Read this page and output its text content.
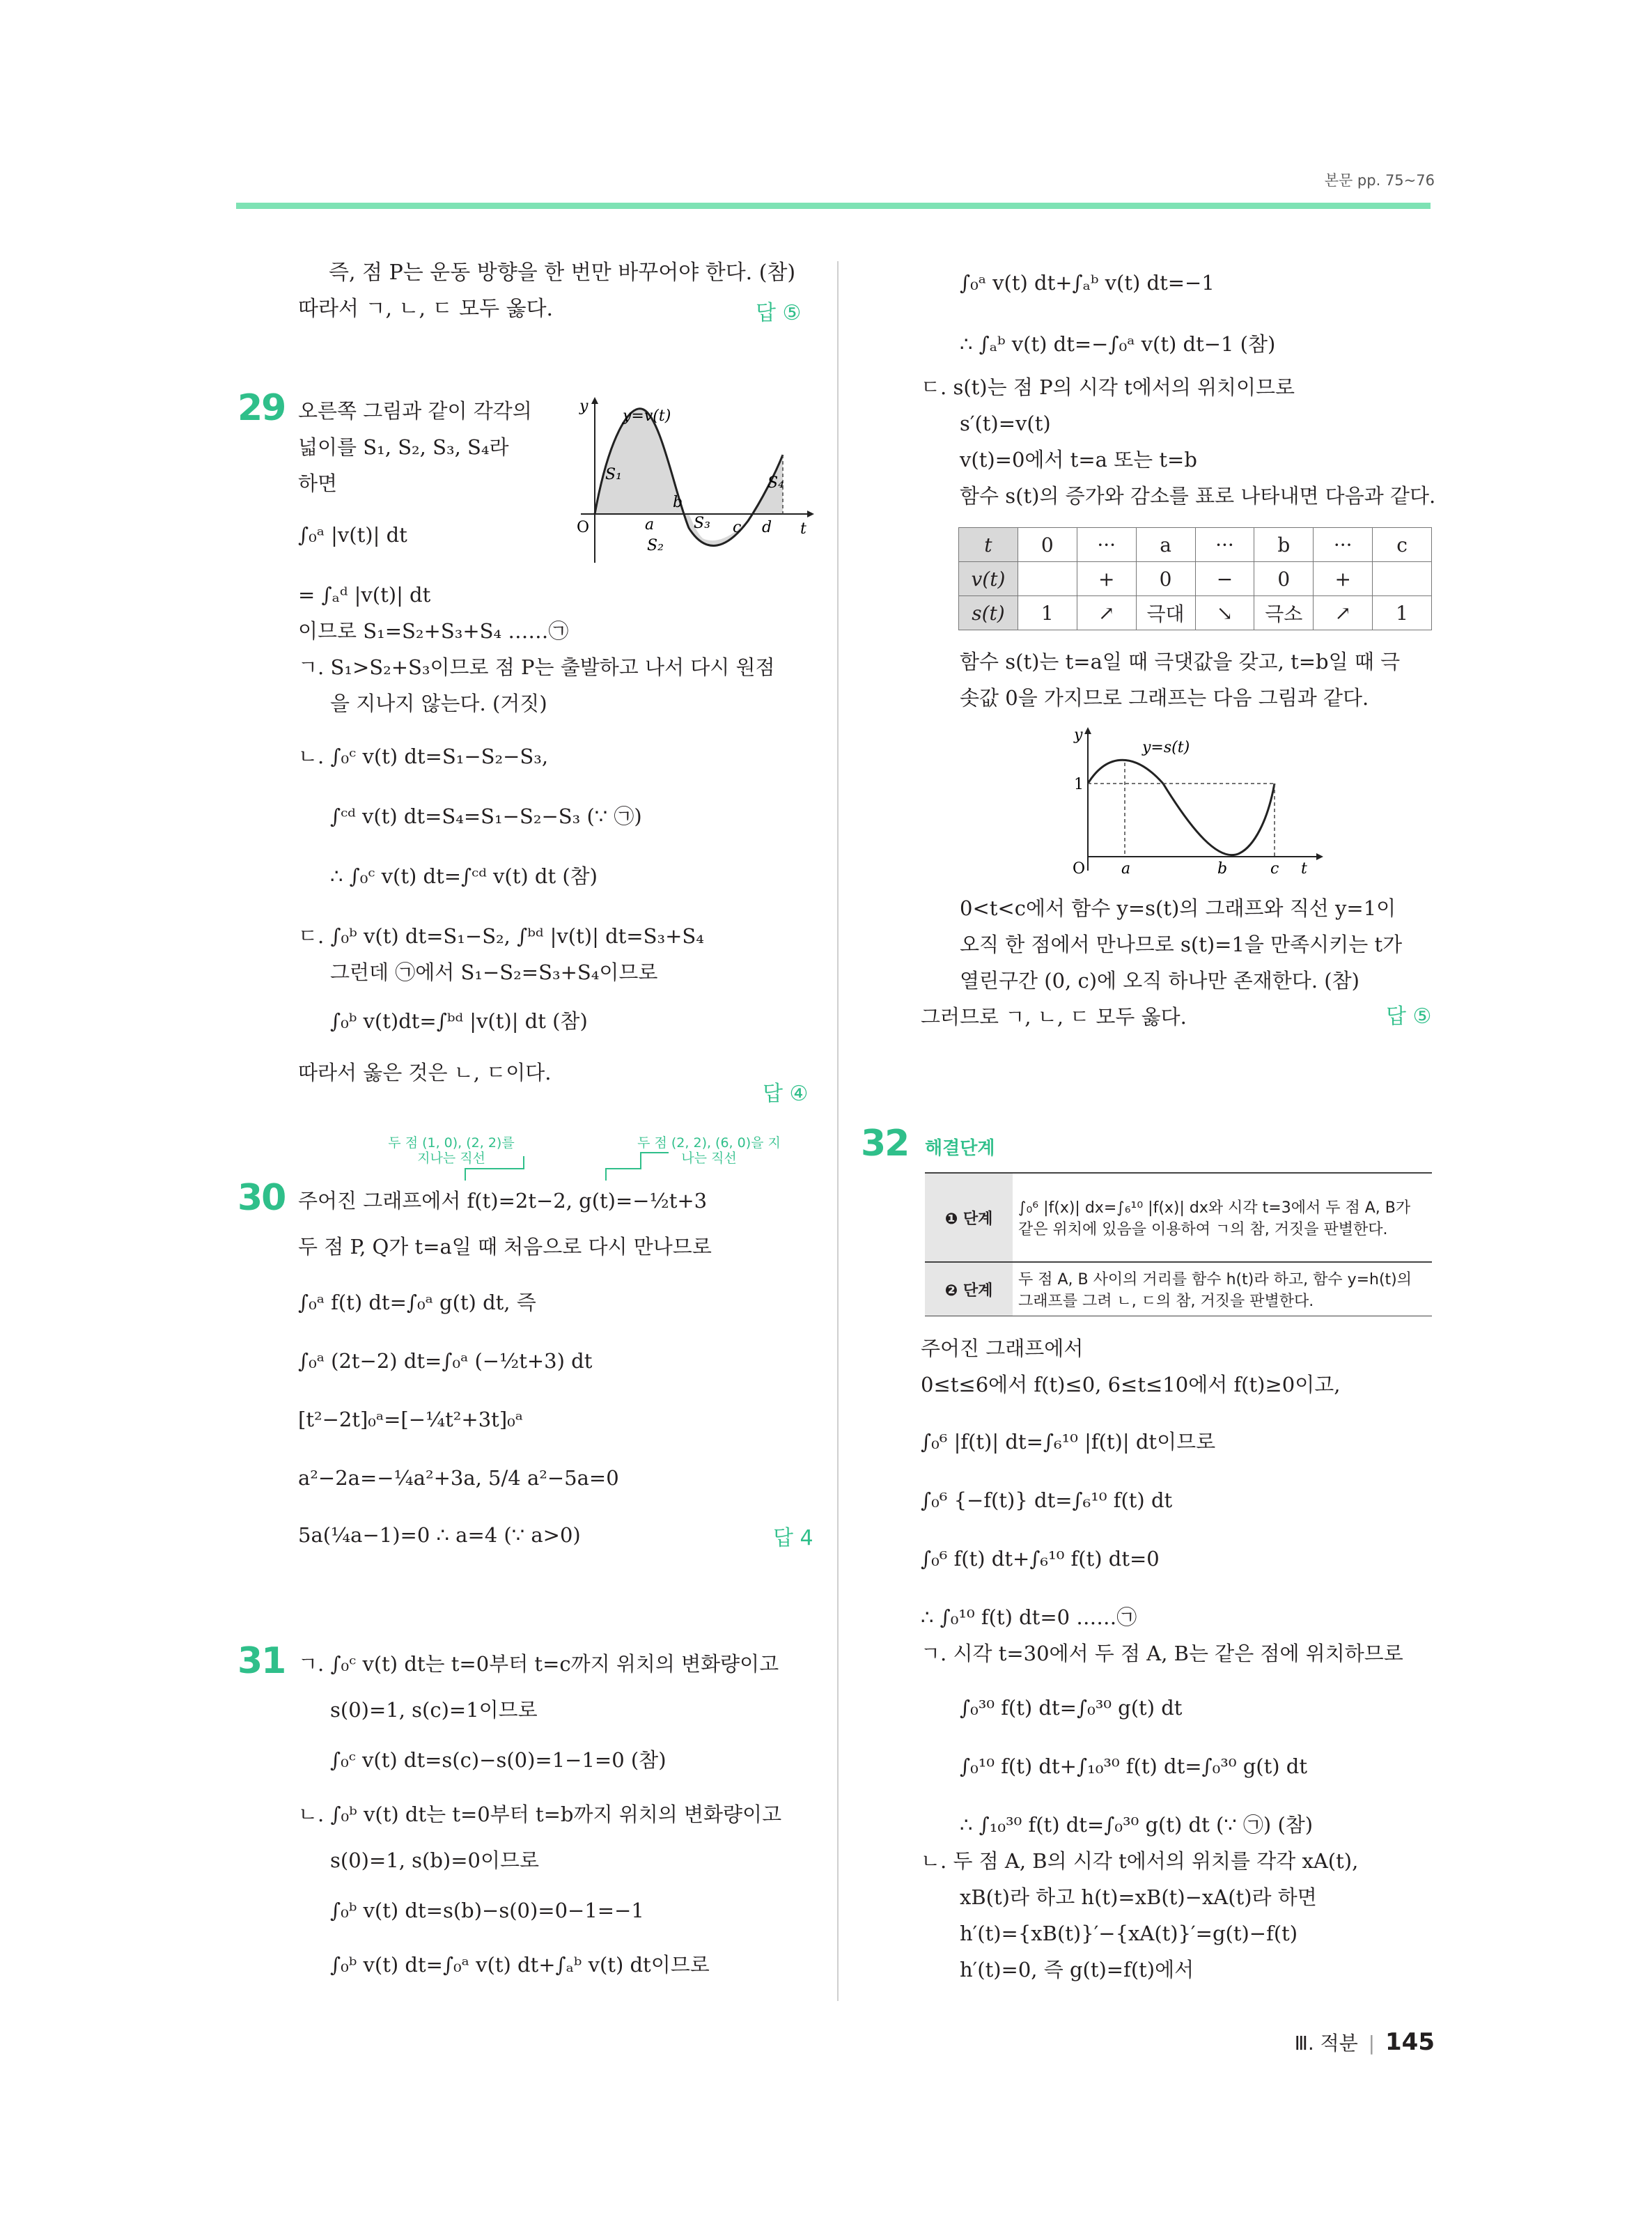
본문 pp. 75~76
즉, 점 P는 운동 방향을 한 번만 바꾸어야 한다. (참)
따라서 ㄱ, ㄴ, ㄷ 모두 옳다.	답 ⑤
29 오른쪽 그림과 같이 각각의
넓이를 S₁, S₂, S₃, S₄라
하면
∫₀ᵃ |v(t)| dt
= ∫ₐᵈ |v(t)| dt
이므로 S₁=S₂+S₃+S₄ ……㉠
ㄱ. S₁>S₂+S₃이므로 점 P는 출발하고 나서 다시 원점
을 지나지 않는다. (거짓)
ㄴ. ∫₀ᶜ v(t) dt=S₁−S₂−S₃,
∫ᶜᵈ v(t) dt=S₄=S₁−S₂−S₃ (∵ ㉠)
∴ ∫₀ᶜ v(t) dt=∫ᶜᵈ v(t) dt (참)
ㄷ. ∫₀ᵇ v(t) dt=S₁−S₂, ∫ᵇᵈ |v(t)| dt=S₃+S₄
그런데 ㉠에서 S₁−S₂=S₃+S₄이므로
∫₀ᵇ v(t)dt=∫ᵇᵈ |v(t)| dt (참)
따라서 옳은 것은 ㄴ, ㄷ이다.
답 ④
y
t
O
y=v(t)
S₁
S₂
S₃
S₄
a
b
c d
두 점 (1, 0), (2, 2)를 지나는 직선
두 점 (2, 2), (6, 0)을 지나는 직선
30 주어진 그래프에서 f(t)=2t−2, g(t)=−½t+3
두 점 P, Q가 t=a일 때 처음으로 다시 만나므로
∫₀ᵃ f(t) dt=∫₀ᵃ g(t) dt, 즉
∫₀ᵃ (2t−2) dt=∫₀ᵃ (−½t+3) dt
[t²−2t]₀ᵃ=[−¼t²+3t]₀ᵃ
a²−2a=−¼a²+3a, 5/4 a²−5a=0
5a(¼a−1)=0 ∴ a=4 (∵ a>0)	답 4
31 ㄱ. ∫₀ᶜ v(t) dt는 t=0부터 t=c까지 위치의 변화량이고
s(0)=1, s(c)=1이므로
∫₀ᶜ v(t) dt=s(c)−s(0)=1−1=0 (참)
ㄴ. ∫₀ᵇ v(t) dt는 t=0부터 t=b까지 위치의 변화량이고
s(0)=1, s(b)=0이므로
∫₀ᵇ v(t) dt=s(b)−s(0)=0−1=−1
∫₀ᵇ v(t) dt=∫₀ᵃ v(t) dt+∫ₐᵇ v(t) dt이므로
∫₀ᵃ v(t) dt+∫ₐᵇ v(t) dt=−1
∴ ∫ₐᵇ v(t) dt=−∫₀ᵃ v(t) dt−1 (참)
ㄷ. s(t)는 점 P의 시각 t에서의 위치이므로
s′(t)=v(t)
v(t)=0에서 t=a 또는 t=b
함수 s(t)의 증가와 감소를 표로 나타내면 다음과 같다.
t	0	···	a	···	b	···	c
v(t)		+	0	−	0	+	
s(t)	1	↗	극대	↘	극소	↗	1
함수 s(t)는 t=a일 때 극댓값을 갖고, t=b일 때 극
솟값 0을 가지므로 그래프는 다음 그림과 같다.
y
t
O
y=s(t)
1
a	b	c
0<t<c에서 함수 y=s(t)의 그래프와 직선 y=1이
오직 한 점에서 만나므로 s(t)=1을 만족시키는 t가
열린구간 (0, c)에 오직 하나만 존재한다. (참)
그러므로 ㄱ, ㄴ, ㄷ 모두 옳다.	답 ⑤
32 해결단계
❶ 단계	∫₀⁶ |f(x)| dx=∫₆¹⁰ |f(x)| dx와 시각 t=3에서 두 점 A, B가 같은 위치에 있음을 이용하여 ㄱ의 참, 거짓을 판별한다.
❷ 단계	두 점 A, B 사이의 거리를 함수 h(t)라 하고, 함수 y=h(t)의 그래프를 그려 ㄴ, ㄷ의 참, 거짓을 판별한다.
주어진 그래프에서
0≤t≤6에서 f(t)≤0, 6≤t≤10에서 f(t)≥0이고,
∫₀⁶ |f(t)| dt=∫₆¹⁰ |f(t)| dt이므로
∫₀⁶ {−f(t)} dt=∫₆¹⁰ f(t) dt
∫₀⁶ f(t) dt+∫₆¹⁰ f(t) dt=0
∴ ∫₀¹⁰ f(t) dt=0 ……㉠
ㄱ. 시각 t=30에서 두 점 A, B는 같은 점에 위치하므로
∫₀³⁰ f(t) dt=∫₀³⁰ g(t) dt
∫₀¹⁰ f(t) dt+∫₁₀³⁰ f(t) dt=∫₀³⁰ g(t) dt
∴ ∫₁₀³⁰ f(t) dt=∫₀³⁰ g(t) dt (∵ ㉠) (참)
ㄴ. 두 점 A, B의 시각 t에서의 위치를 각각 xA(t),
xB(t)라 하고 h(t)=xB(t)−xA(t)라 하면
h′(t)={xB(t)}′−{xA(t)}′=g(t)−f(t)
h′(t)=0, 즉 g(t)=f(t)에서
Ⅲ. 적분 | 145
